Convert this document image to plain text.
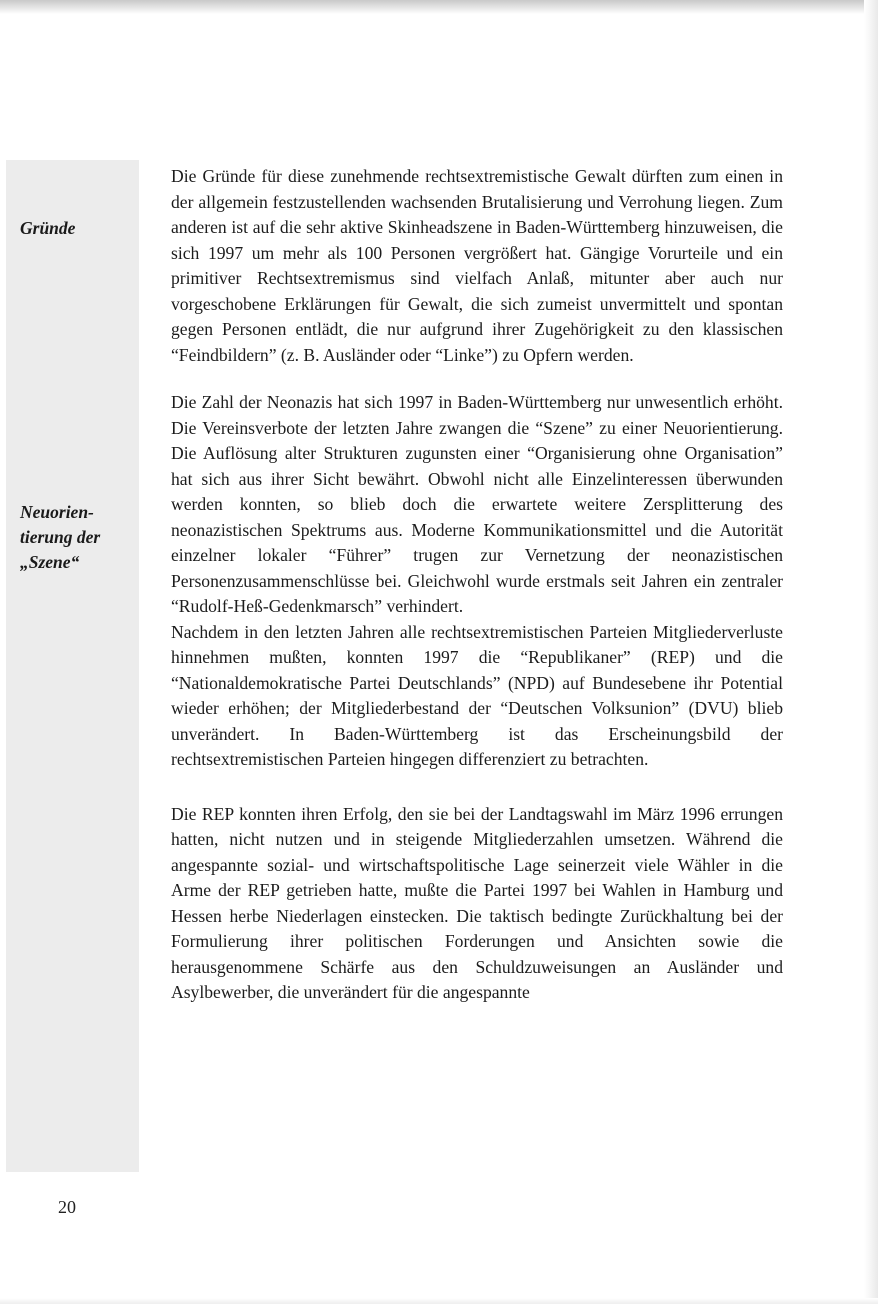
Gründe

Neuorien-
tierung der
„Szene“

Die Gründe für diese zunehmende rechtsextremistische Gewalt dürften zum einen in der allgemein festzustellenden wachsenden Brutalisierung und Verrohung liegen. Zum anderen ist auf die sehr aktive Skinheadszene in Baden-Württemberg hinzuweisen, die sich 1997 um mehr als 100 Personen vergrößert hat. Gängige Vorurteile und ein primitiver Rechtsextremismus sind vielfach Anlaß, mitunter aber auch nur vorgeschobene Erklärungen für Gewalt, die sich zumeist unvermittelt und spontan gegen Personen entlädt, die nur aufgrund ihrer Zugehörigkeit zu den klassischen “Feindbildern” (z. B. Ausländer oder “Linke”) zu Opfern werden.

Die Zahl der Neonazis hat sich 1997 in Baden-Württemberg nur unwesentlich erhöht. Die Vereinsverbote der letzten Jahre zwangen die “Szene” zu einer Neuorientierung. Die Auflösung alter Strukturen zugunsten einer “Organisierung ohne Organisation” hat sich aus ihrer Sicht bewährt. Obwohl nicht alle Einzelinteressen überwunden werden konnten, so blieb doch die erwartete weitere Zersplitterung des neonazistischen Spektrums aus. Moderne Kommunikationsmittel und die Autorität einzelner lokaler “Führer” trugen zur Vernetzung der neonazistischen Personenzusammenschlüsse bei. Gleichwohl wurde erstmals seit Jahren ein zentraler “Rudolf-Heß-Gedenkmarsch” verhindert.

Nachdem in den letzten Jahren alle rechtsextremistischen Parteien Mitgliederverluste hinnehmen mußten, konnten 1997 die “Republikaner” (REP) und die “Nationaldemokratische Partei Deutschlands” (NPD) auf Bundesebene ihr Potential wieder erhöhen; der Mitgliederbestand der “Deutschen Volksunion” (DVU) blieb unverändert. In Baden-Württemberg ist das Erscheinungsbild der rechtsextremistischen Parteien hingegen differenziert zu betrachten.

Die REP konnten ihren Erfolg, den sie bei der Landtagswahl im März 1996 errungen hatten, nicht nutzen und in steigende Mitgliederzahlen umsetzen. Während die angespannte sozial- und wirtschaftspolitische Lage seinerzeit viele Wähler in die Arme der REP getrieben hatte, mußte die Partei 1997 bei Wahlen in Hamburg und Hessen herbe Niederlagen einstecken. Die taktisch bedingte Zurückhaltung bei der Formulierung ihrer politischen Forderungen und Ansichten sowie die herausgenommene Schärfe aus den Schuldzuweisungen an Ausländer und Asylbewerber, die unverändert für die angespannte

20
